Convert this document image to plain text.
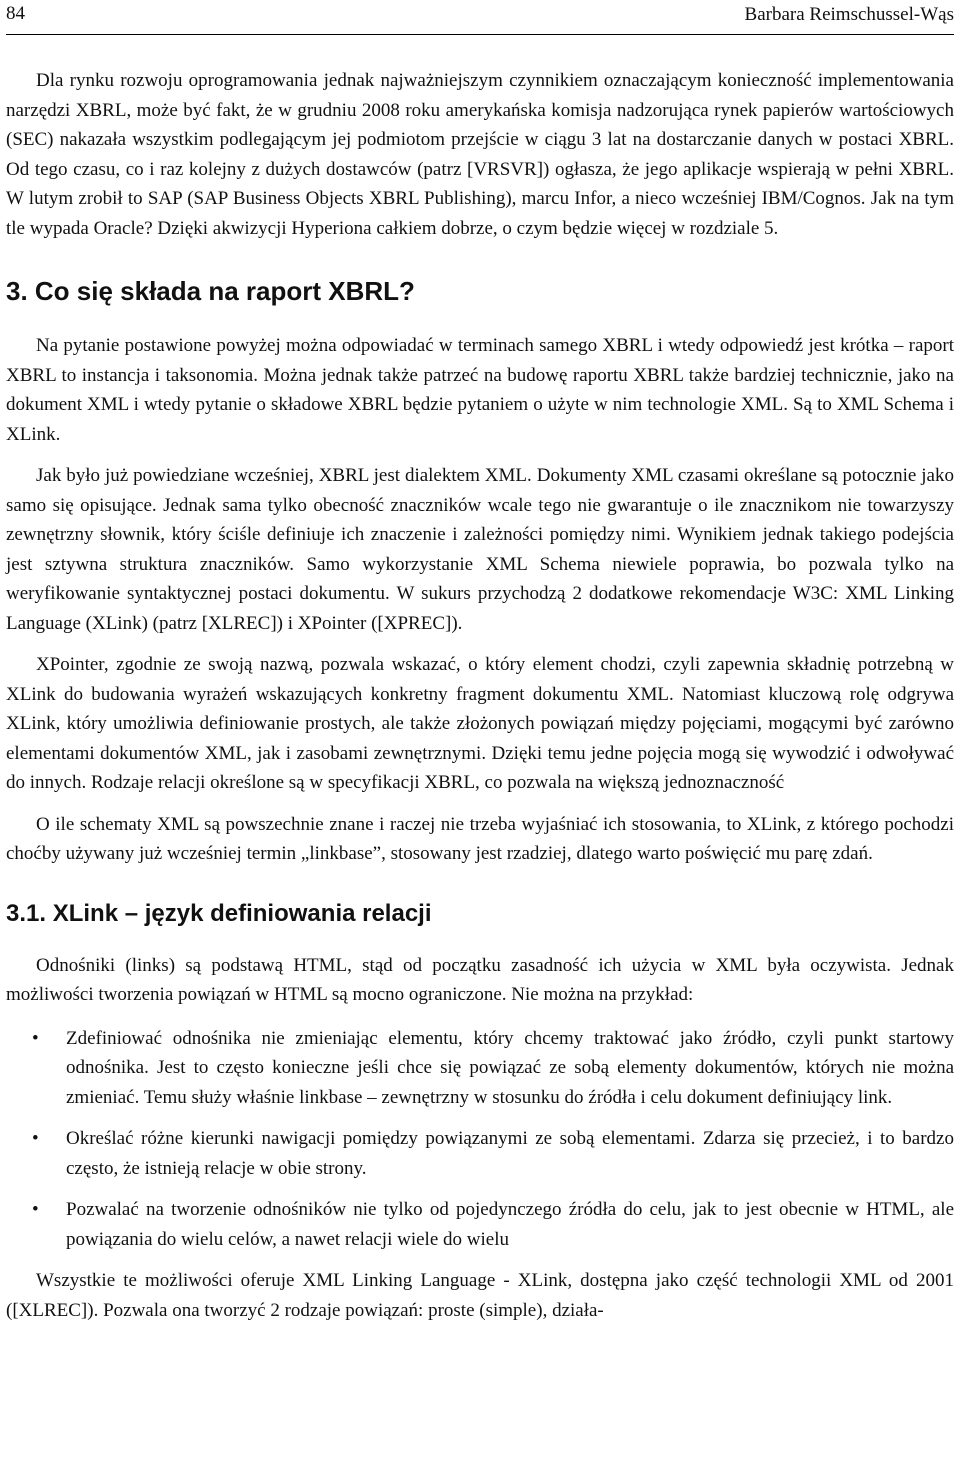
84	Barbara Reimschussel-Wąs

Dla rynku rozwoju oprogramowania jednak najważniejszym czynnikiem oznaczającym konieczność implementowania narzędzi XBRL, może być fakt, że w grudniu 2008 roku amerykańska komisja nadzorująca rynek papierów wartościowych (SEC) nakazała wszystkim podlegającym jej podmiotom przejście w ciągu 3 lat na dostarczanie danych w postaci XBRL. Od tego czasu, co i raz kolejny z dużych dostawców (patrz [VRSVR]) ogłasza, że jego aplikacje wspierają w pełni XBRL. W lutym zrobił to SAP (SAP Business Objects XBRL Publishing), marcu Infor, a nieco wcześniej IBM/Cognos. Jak na tym tle wypada Oracle? Dzięki akwizycji Hyperiona całkiem dobrze, o czym będzie więcej w rozdziale 5.

3. Co się składa na raport XBRL?

Na pytanie postawione powyżej można odpowiadać w terminach samego XBRL i wtedy odpowiedź jest krótka – raport XBRL to instancja i taksonomia. Można jednak także patrzeć na budowę raportu XBRL także bardziej technicznie, jako na dokument XML i wtedy pytanie o składowe XBRL będzie pytaniem o użyte w nim technologie XML. Są to XML Schema i XLink.

Jak było już powiedziane wcześniej, XBRL jest dialektem XML. Dokumenty XML czasami określane są potocznie jako samo się opisujące. Jednak sama tylko obecność znaczników wcale tego nie gwarantuje o ile znacznikom nie towarzyszy zewnętrzny słownik, który ściśle definiuje ich znaczenie i zależności pomiędzy nimi. Wynikiem jednak takiego podejścia jest sztywna struktura znaczników. Samo wykorzystanie XML Schema niewiele poprawia, bo pozwala tylko na weryfikowanie syntaktycznej postaci dokumentu. W sukurs przychodzą 2 dodatkowe rekomendacje W3C: XML Linking Language (XLink) (patrz [XLREC]) i XPointer ([XPREC]).

XPointer, zgodnie ze swoją nazwą, pozwala wskazać, o który element chodzi, czyli zapewnia składnię potrzebną w XLink do budowania wyrażeń wskazujących konkretny fragment dokumentu XML. Natomiast kluczową rolę odgrywa XLink, który umożliwia definiowanie prostych, ale także złożonych powiązań między pojęciami, mogącymi być zarówno elementami dokumentów XML, jak i zasobami zewnętrznymi. Dzięki temu jedne pojęcia mogą się wywodzić i odwoływać do innych. Rodzaje relacji określone są w specyfikacji XBRL, co pozwala na większą jednoznaczność

O ile schematy XML są powszechnie znane i raczej nie trzeba wyjaśniać ich stosowania, to XLink, z którego pochodzi choćby używany już wcześniej termin „linkbase”, stosowany jest rzadziej, dlatego warto poświęcić mu parę zdań.

3.1. XLink – język definiowania relacji

Odnośniki (links) są podstawą HTML, stąd od początku zasadność ich użycia w XML była oczywista. Jednak możliwości tworzenia powiązań w HTML są mocno ograniczone. Nie można na przykład:

• Zdefiniować odnośnika nie zmieniając elementu, który chcemy traktować jako źródło, czyli punkt startowy odnośnika. Jest to często konieczne jeśli chce się powiązać ze sobą elementy dokumentów, których nie można zmieniać. Temu służy właśnie linkbase – zewnętrzny w stosunku do źródła i celu dokument definiujący link.
• Określać różne kierunki nawigacji pomiędzy powiązanymi ze sobą elementami. Zdarza się przecież, i to bardzo często, że istnieją relacje w obie strony.
• Pozwalać na tworzenie odnośników nie tylko od pojedynczego źródła do celu, jak to jest obecnie w HTML, ale powiązania do wielu celów, a nawet relacji wiele do wielu

Wszystkie te możliwości oferuje XML Linking Language - XLink, dostępna jako część technologii XML od 2001 ([XLREC]). Pozwala ona tworzyć 2 rodzaje powiązań: proste (simple), działa-
